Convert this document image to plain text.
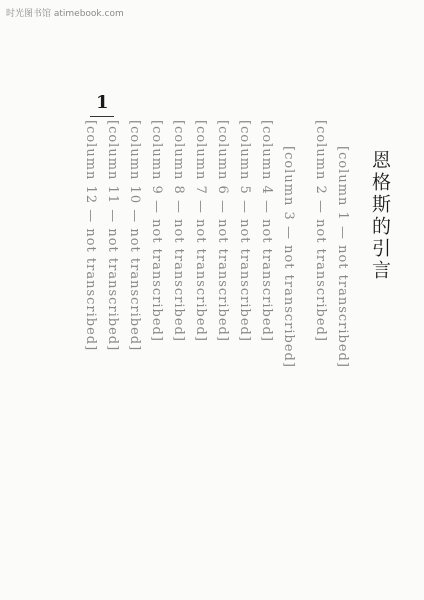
时光图书馆 atimebook.com
1
恩格斯的引言
[column 1 — not transcribed]
[column 2 — not transcribed]
[column 3 — not transcribed]
[column 4 — not transcribed]
[column 5 — not transcribed]
[column 6 — not transcribed]
[column 7 — not transcribed]
[column 8 — not transcribed]
[column 9 — not transcribed]
[column 10 — not transcribed]
[column 11 — not transcribed]
[column 12 — not transcribed]
